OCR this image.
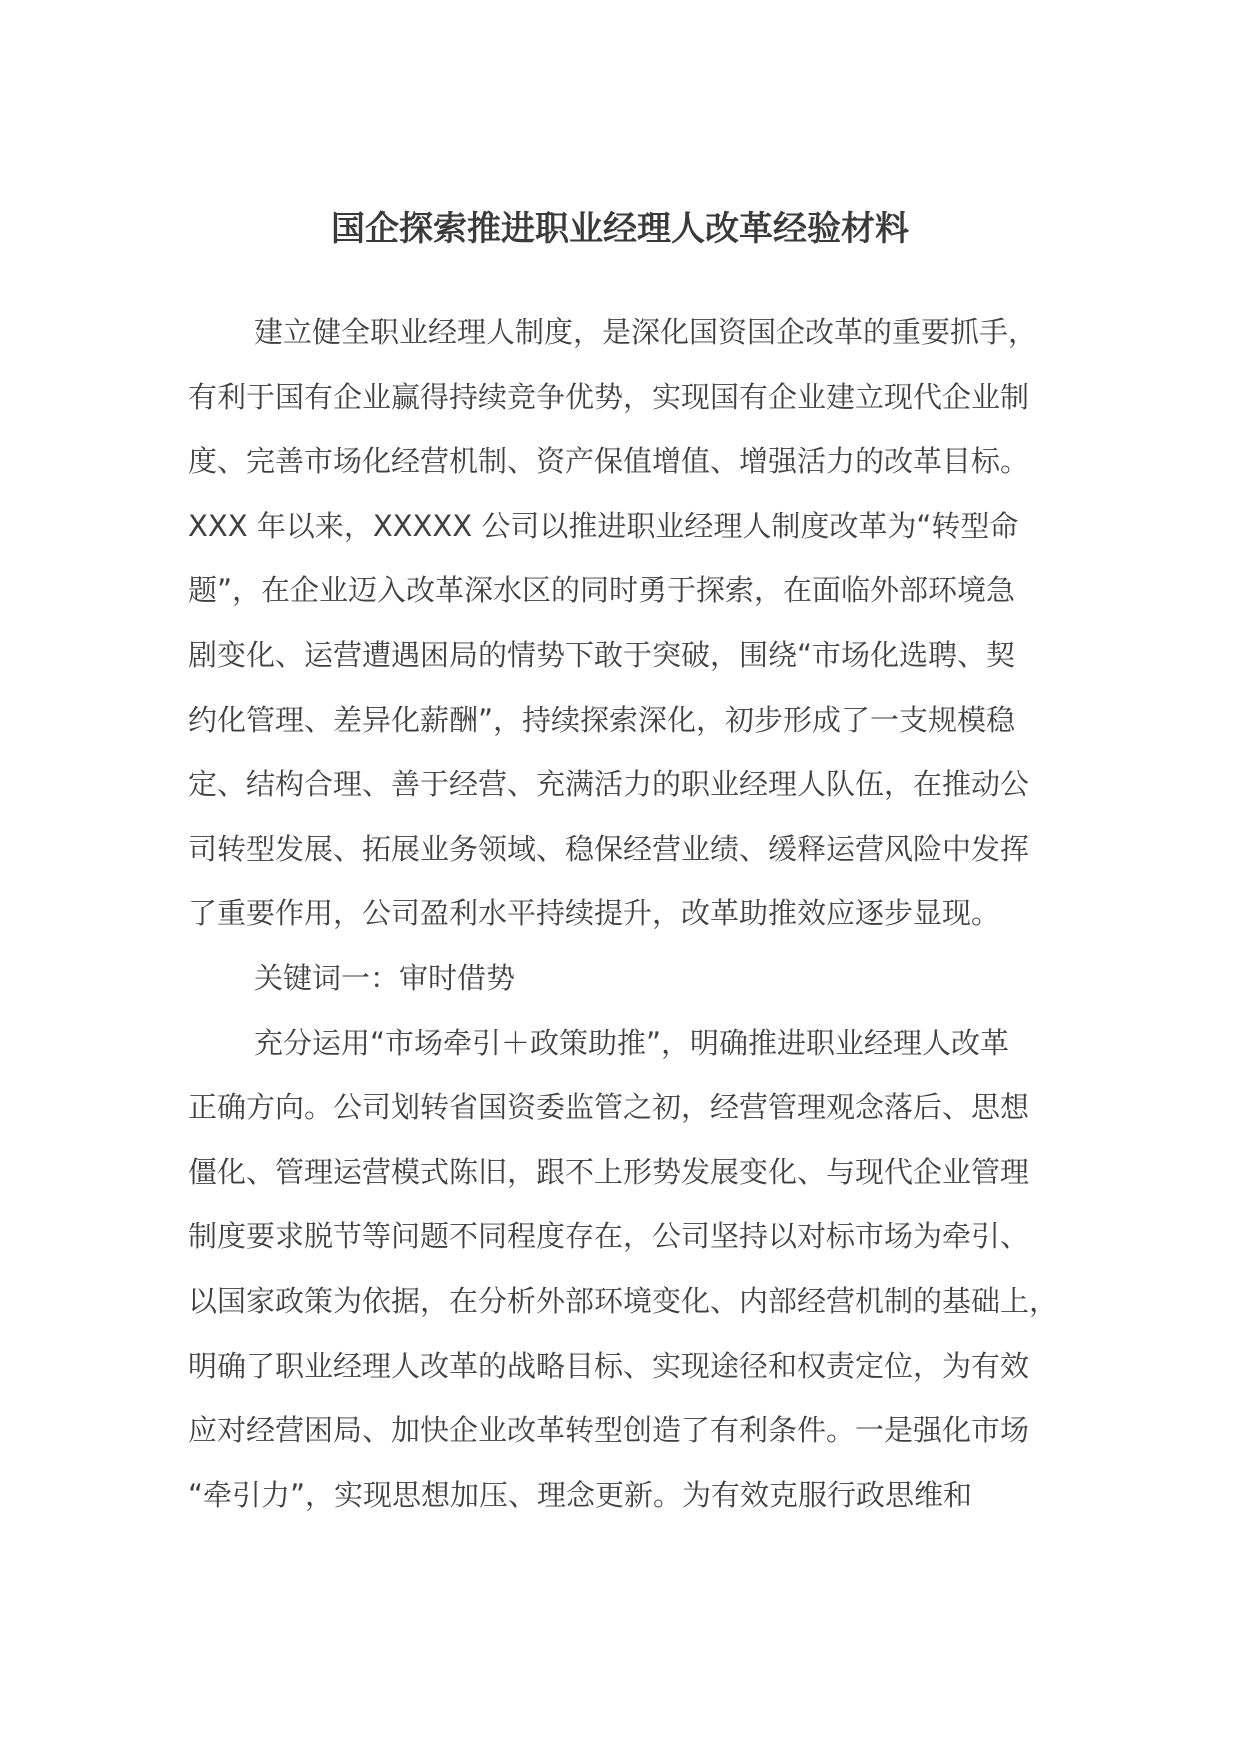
国企探索推进职业经理人改革经验材料
建立健全职业经理人制度，是深化国资国企改革的重要抓手，
有利于国有企业赢得持续竞争优势，实现国有企业建立现代企业制
度、完善市场化经营机制、资产保值增值、增强活力的改革目标。
XXX 年以来，XXXXX 公司以推进职业经理人制度改革为“转型命
题”，在企业迈入改革深水区的同时勇于探索，在面临外部环境急
剧变化、运营遭遇困局的情势下敢于突破，围绕“市场化选聘、契
约化管理、差异化薪酬”，持续探索深化，初步形成了一支规模稳
定、结构合理、善于经营、充满活力的职业经理人队伍，在推动公
司转型发展、拓展业务领域、稳保经营业绩、缓释运营风险中发挥
了重要作用，公司盈利水平持续提升，改革助推效应逐步显现。
关键词一：审时借势
充分运用“市场牵引＋政策助推”，明确推进职业经理人改革
正确方向。公司划转省国资委监管之初，经营管理观念落后、思想
僵化、管理运营模式陈旧，跟不上形势发展变化、与现代企业管理
制度要求脱节等问题不同程度存在，公司坚持以对标市场为牵引、
以国家政策为依据，在分析外部环境变化、内部经营机制的基础上，
明确了职业经理人改革的战略目标、实现途径和权责定位，为有效
应对经营困局、加快企业改革转型创造了有利条件。一是强化市场
“牵引力”，实现思想加压、理念更新。为有效克服行政思维和
